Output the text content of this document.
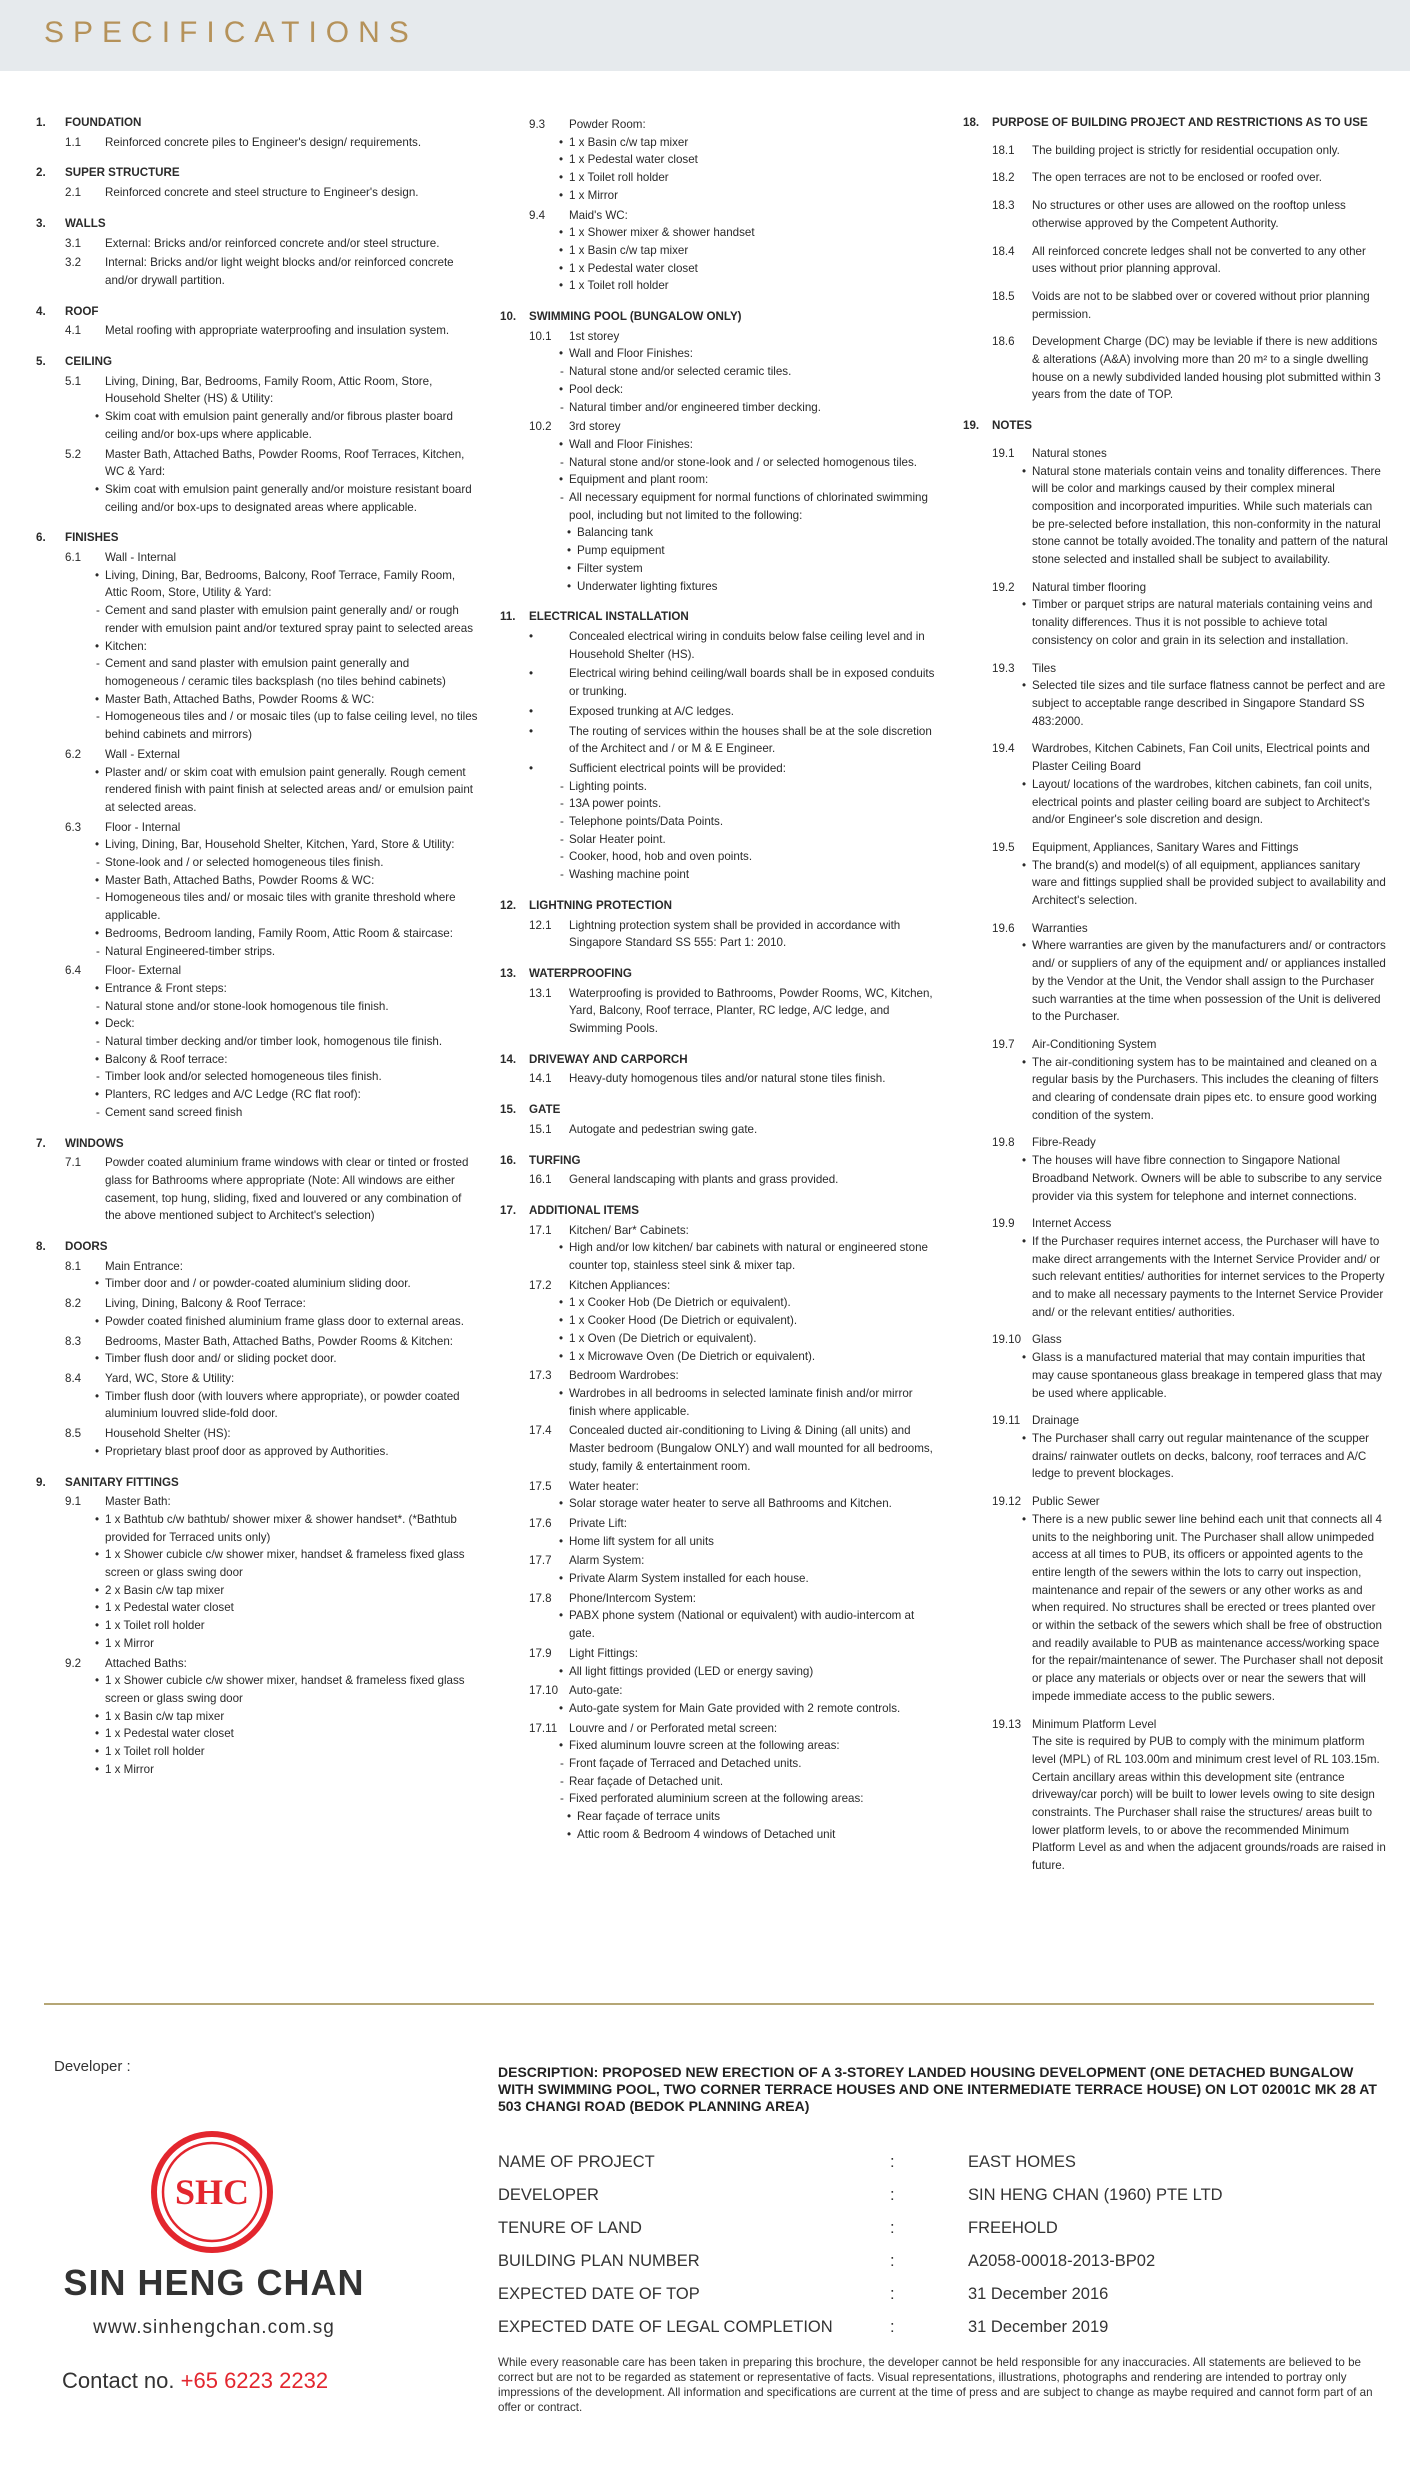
SPECIFICATIONS
1.	FOUNDATION
1.1	Reinforced concrete piles to Engineer's design/ requirements.
2.	SUPER STRUCTURE
2.1	Reinforced concrete and steel structure to Engineer's design.
3.	WALLS
3.1	External: Bricks and/or reinforced concrete and/or steel structure.
3.2	Internal: Bricks and/or light weight blocks and/or reinforced concrete and/or drywall partition.
4.	ROOF
4.1	Metal roofing with appropriate waterproofing and insulation system.
5.	CEILING
5.1	Living, Dining, Bar, Bedrooms, Family Room, Attic Room, Store, Household Shelter (HS) & Utility:
• Skim coat with emulsion paint generally and/or fibrous plaster board ceiling and/or box-ups where applicable.
5.2	Master Bath, Attached Baths, Powder Rooms, Roof Terraces, Kitchen, WC & Yard:
• Skim coat with emulsion paint generally and/or moisture resistant board ceiling and/or box-ups to designated areas where applicable.
6.	FINISHES
6.1	Wall - Internal
• Living, Dining, Bar, Bedrooms, Balcony, Roof Terrace, Family Room, Attic Room, Store, Utility & Yard:
- Cement and sand plaster with emulsion paint generally and/ or rough render with emulsion paint and/or textured spray paint to selected areas
• Kitchen:
- Cement and sand plaster with emulsion paint generally and homogeneous / ceramic tiles backsplash (no tiles behind cabinets)
• Master Bath, Attached Baths, Powder Rooms & WC:
- Homogeneous tiles and / or mosaic tiles (up to false ceiling level, no tiles behind cabinets and mirrors)
6.2	Wall - External
• Plaster and/ or skim coat with emulsion paint generally. Rough cement rendered finish with paint finish at selected areas and/ or emulsion paint at selected areas.
6.3	Floor - Internal
• Living, Dining, Bar, Household Shelter, Kitchen, Yard, Store & Utility:
- Stone-look and / or selected homogeneous tiles finish.
• Master Bath, Attached Baths, Powder Rooms & WC:
- Homogeneous tiles and/ or mosaic tiles with granite threshold where applicable.
• Bedrooms, Bedroom landing, Family Room, Attic Room & staircase:
- Natural Engineered-timber strips.
6.4	Floor- External
• Entrance & Front steps:
- Natural stone and/or stone-look homogenous tile finish.
• Deck:
- Natural timber decking and/or timber look, homogenous tile finish.
• Balcony & Roof terrace:
- Timber look and/or selected homogeneous tiles finish.
• Planters, RC ledges and A/C Ledge (RC flat roof):
- Cement sand screed finish
7.	WINDOWS
7.1	Powder coated aluminium frame windows with clear or tinted or frosted glass for Bathrooms where appropriate (Note: All windows are either casement, top hung, sliding, fixed and louvered or any combination of the above mentioned subject to Architect's selection)
8.	DOORS
8.1	Main Entrance:
• Timber door and / or powder-coated aluminium sliding door.
8.2	Living, Dining, Balcony & Roof Terrace:
• Powder coated finished aluminium frame glass door to external areas.
8.3	Bedrooms, Master Bath, Attached Baths, Powder Rooms & Kitchen:
• Timber flush door and/ or sliding pocket door.
8.4	Yard, WC, Store & Utility:
• Timber flush door (with louvers where appropriate), or powder coated aluminium louvred slide-fold door.
8.5	Household Shelter (HS):
• Proprietary blast proof door as approved by Authorities.
9.	SANITARY FITTINGS
9.1	Master Bath:
• 1 x Bathtub c/w bathtub/ shower mixer & shower handset*. (*Bathtub provided for Terraced units only)
• 1 x Shower cubicle c/w shower mixer, handset & frameless fixed glass screen or glass swing door
• 2 x Basin c/w tap mixer
• 1 x Pedestal water closet
• 1 x Toilet roll holder
• 1 x Mirror
9.2	Attached Baths:
• 1 x Shower cubicle c/w shower mixer, handset & frameless fixed glass screen or glass swing door
• 1 x Basin c/w tap mixer
• 1 x Pedestal water closet
• 1 x Toilet roll holder
• 1 x Mirror
9.3	Powder Room:
• 1 x Basin c/w tap mixer
• 1 x Pedestal water closet
• 1 x Toilet roll holder
• 1 x Mirror
9.4	Maid's WC:
• 1 x Shower mixer & shower handset
• 1 x Basin c/w tap mixer
• 1 x Pedestal water closet
• 1 x Toilet roll holder
10.	SWIMMING POOL (BUNGALOW ONLY)
10.1	1st storey
• Wall and Floor Finishes:
- Natural stone and/or selected ceramic tiles.
• Pool deck:
- Natural timber and/or engineered timber decking.
10.2	3rd storey
• Wall and Floor Finishes:
- Natural stone and/or stone-look and / or selected homogenous tiles.
• Equipment and plant room:
- All necessary equipment for normal functions of chlorinated swimming pool, including but not limited to the following:
• Balancing tank
• Pump equipment
• Filter system
• Underwater lighting fixtures
11.	ELECTRICAL INSTALLATION
•	Concealed electrical wiring in conduits below false ceiling level and in Household Shelter (HS).
•	Electrical wiring behind ceiling/wall boards shall be in exposed conduits or trunking.
•	Exposed trunking at A/C ledges.
•	The routing of services within the houses shall be at the sole discretion of the Architect and / or M & E Engineer.
•	Sufficient electrical points will be provided:
- Lighting points.
- 13A power points.
- Telephone points/Data Points.
- Solar Heater point.
- Cooker, hood, hob and oven points.
- Washing machine point
12.	LIGHTNING PROTECTION
12.1	Lightning protection system shall be provided in accordance with Singapore Standard SS 555: Part 1: 2010.
13.	WATERPROOFING
13.1	Waterproofing is provided to Bathrooms, Powder Rooms, WC, Kitchen, Yard, Balcony, Roof terrace, Planter, RC ledge, A/C ledge, and Swimming Pools.
14.	DRIVEWAY AND CARPORCH
14.1	Heavy-duty homogenous tiles and/or natural stone tiles finish.
15.	GATE
15.1	Autogate and pedestrian swing gate.
16.	TURFING
16.1	General landscaping with plants and grass provided.
17.	ADDITIONAL ITEMS
17.1	Kitchen/ Bar* Cabinets:
• High and/or low kitchen/ bar cabinets with natural or engineered stone counter top, stainless steel sink & mixer tap.
17.2	Kitchen Appliances:
• 1 x Cooker Hob (De Dietrich or equivalent).
• 1 x Cooker Hood (De Dietrich or equivalent).
• 1 x Oven (De Dietrich or equivalent).
• 1 x Microwave Oven (De Dietrich or equivalent).
17.3	Bedroom Wardrobes:
• Wardrobes in all bedrooms in selected laminate finish and/or mirror finish where applicable.
17.4	Concealed ducted air-conditioning to Living & Dining (all units) and Master bedroom (Bungalow ONLY) and wall mounted for all bedrooms, study, family & entertainment room.
17.5	Water heater:
• Solar storage water heater to serve all Bathrooms and Kitchen.
17.6	Private Lift:
• Home lift system for all units
17.7	Alarm System:
• Private Alarm System installed for each house.
17.8	Phone/Intercom System:
• PABX phone system (National or equivalent) with audio-intercom at gate.
17.9	Light Fittings:
• All light fittings provided (LED or energy saving)
17.10 Auto-gate:
• Auto-gate system for Main Gate provided with 2 remote controls.
17.11	Louvre and / or Perforated metal screen:
• Fixed aluminum louvre screen at the following areas:
- Front façade of Terraced and Detached units.
- Rear façade of Detached unit.
- Fixed perforated aluminium screen at the following areas:
• Rear façade of terrace units
• Attic room & Bedroom 4 windows of Detached unit
18.	PURPOSE OF BUILDING PROJECT AND RESTRICTIONS AS TO USE
18.1	The building project is strictly for residential occupation only.
18.2	The open terraces are not to be enclosed or roofed over.
18.3	No structures or other uses are allowed on the rooftop unless otherwise approved by the Competent Authority.
18.4	All reinforced concrete ledges shall not be converted to any other uses without prior planning approval.
18.5	Voids are not to be slabbed over or covered without prior planning permission.
18.6	Development Charge (DC) may be leviable if there is new additions & alterations (A&A) involving more than 20 m² to a single dwelling house on a newly subdivided landed housing plot submitted within 3 years from the date of TOP.
19.	NOTES
19.1	Natural stones
• Natural stone materials contain veins and tonality differences. There will be color and markings caused by their complex mineral composition and incorporated impurities. While such materials can be pre-selected before installation, this non-conformity in the natural stone cannot be totally avoided.The tonality and pattern of the natural stone selected and installed shall be subject to availability.
19.2	Natural timber flooring
• Timber or parquet strips are natural materials containing veins and tonality differences. Thus it is not possible to achieve total consistency on color and grain in its selection and installation.
19.3	Tiles
• Selected tile sizes and tile surface flatness cannot be perfect and are subject to acceptable range described in Singapore Standard SS 483:2000.
19.4	Wardrobes, Kitchen Cabinets, Fan Coil units, Electrical points and Plaster Ceiling Board
• Layout/ locations of the wardrobes, kitchen cabinets, fan coil units, electrical points and plaster ceiling board are subject to Architect's and/or Engineer's sole discretion and design.
19.5	Equipment, Appliances, Sanitary Wares and Fittings
• The brand(s) and model(s) of all equipment, appliances sanitary ware and fittings supplied shall be provided subject to availability and Architect's selection.
19.6	Warranties
• Where warranties are given by the manufacturers and/ or contractors and/ or suppliers of any of the equipment and/ or appliances installed by the Vendor at the Unit, the Vendor shall assign to the Purchaser such warranties at the time when possession of the Unit is delivered to the Purchaser.
19.7	Air-Conditioning System
• The air-conditioning system has to be maintained and cleaned on a regular basis by the Purchasers. This includes the cleaning of filters and clearing of condensate drain pipes etc. to ensure good working condition of the system.
19.8	Fibre-Ready
• The houses will have fibre connection to Singapore National Broadband Network. Owners will be able to subscribe to any service provider via this system for telephone and internet connections.
19.9	Internet Access
• If the Purchaser requires internet access, the Purchaser will have to make direct arrangements with the Internet Service Provider and/ or such relevant entities/ authorities for internet services to the Property and to make all necessary payments to the Internet Service Provider and/ or the relevant entities/ authorities.
19.10 Glass
• Glass is a manufactured material that may contain impurities that may cause spontaneous glass breakage in tempered glass that may be used where applicable.
19.11	Drainage
• The Purchaser shall carry out regular maintenance of the scupper drains/ rainwater outlets on decks, balcony, roof terraces and A/C ledge to prevent blockages.
19.12 Public Sewer
• There is a new public sewer line behind each unit that connects all 4 units to the neighboring unit. The Purchaser shall allow unimpeded access at all times to PUB, its officers or appointed agents to the entire length of the sewers within the lots to carry out inspection, maintenance and repair of the sewers or any other works as and when required. No structures shall be erected or trees planted over or within the setback of the sewers which shall be free of obstruction and readily available to PUB as maintenance access/working space for the repair/maintenance of sewer. The Purchaser shall not deposit or place any materials or objects over or near the sewers that will impede immediate access to the public sewers.
19.13 Minimum Platform Level
The site is required by PUB to comply with the minimum platform level (MPL) of RL 103.00m and minimum crest level of RL 103.15m. Certain ancillary areas within this development site (entrance driveway/car porch) will be built to lower levels owing to site design constraints. The Purchaser shall raise the structures/ areas built to lower platform levels, to or above the recommended Minimum Platform Level as and when the adjacent grounds/roads are raised in future.
Developer :
SHC
SIN HENG CHAN
www.sinhengchan.com.sg
Contact no. +65 6223 2232
DESCRIPTION: PROPOSED NEW ERECTION OF A 3-STOREY LANDED HOUSING DEVELOPMENT (ONE DETACHED BUNGALOW WITH SWIMMING POOL, TWO CORNER TERRACE HOUSES AND ONE INTERMEDIATE TERRACE HOUSE) ON LOT 02001C MK 28 AT 503 CHANGI ROAD (BEDOK PLANNING AREA)
NAME OF PROJECT	:	EAST HOMES
DEVELOPER	:	SIN HENG CHAN (1960) PTE LTD
TENURE OF LAND	:	FREEHOLD
BUILDING PLAN NUMBER	:	A2058-00018-2013-BP02
EXPECTED DATE OF TOP	:	31 December 2016
EXPECTED DATE OF LEGAL COMPLETION	:	31 December 2019
While every reasonable care has been taken in preparing this brochure, the developer cannot be held responsible for any inaccuracies. All statements are believed to be correct but are not to be regarded as statement or representative of facts. Visual representations, illustrations, photographs and rendering are intended to portray only impressions of the development. All information and specifications are current at the time of press and are subject to change as maybe required and cannot form part of an offer or contract.
